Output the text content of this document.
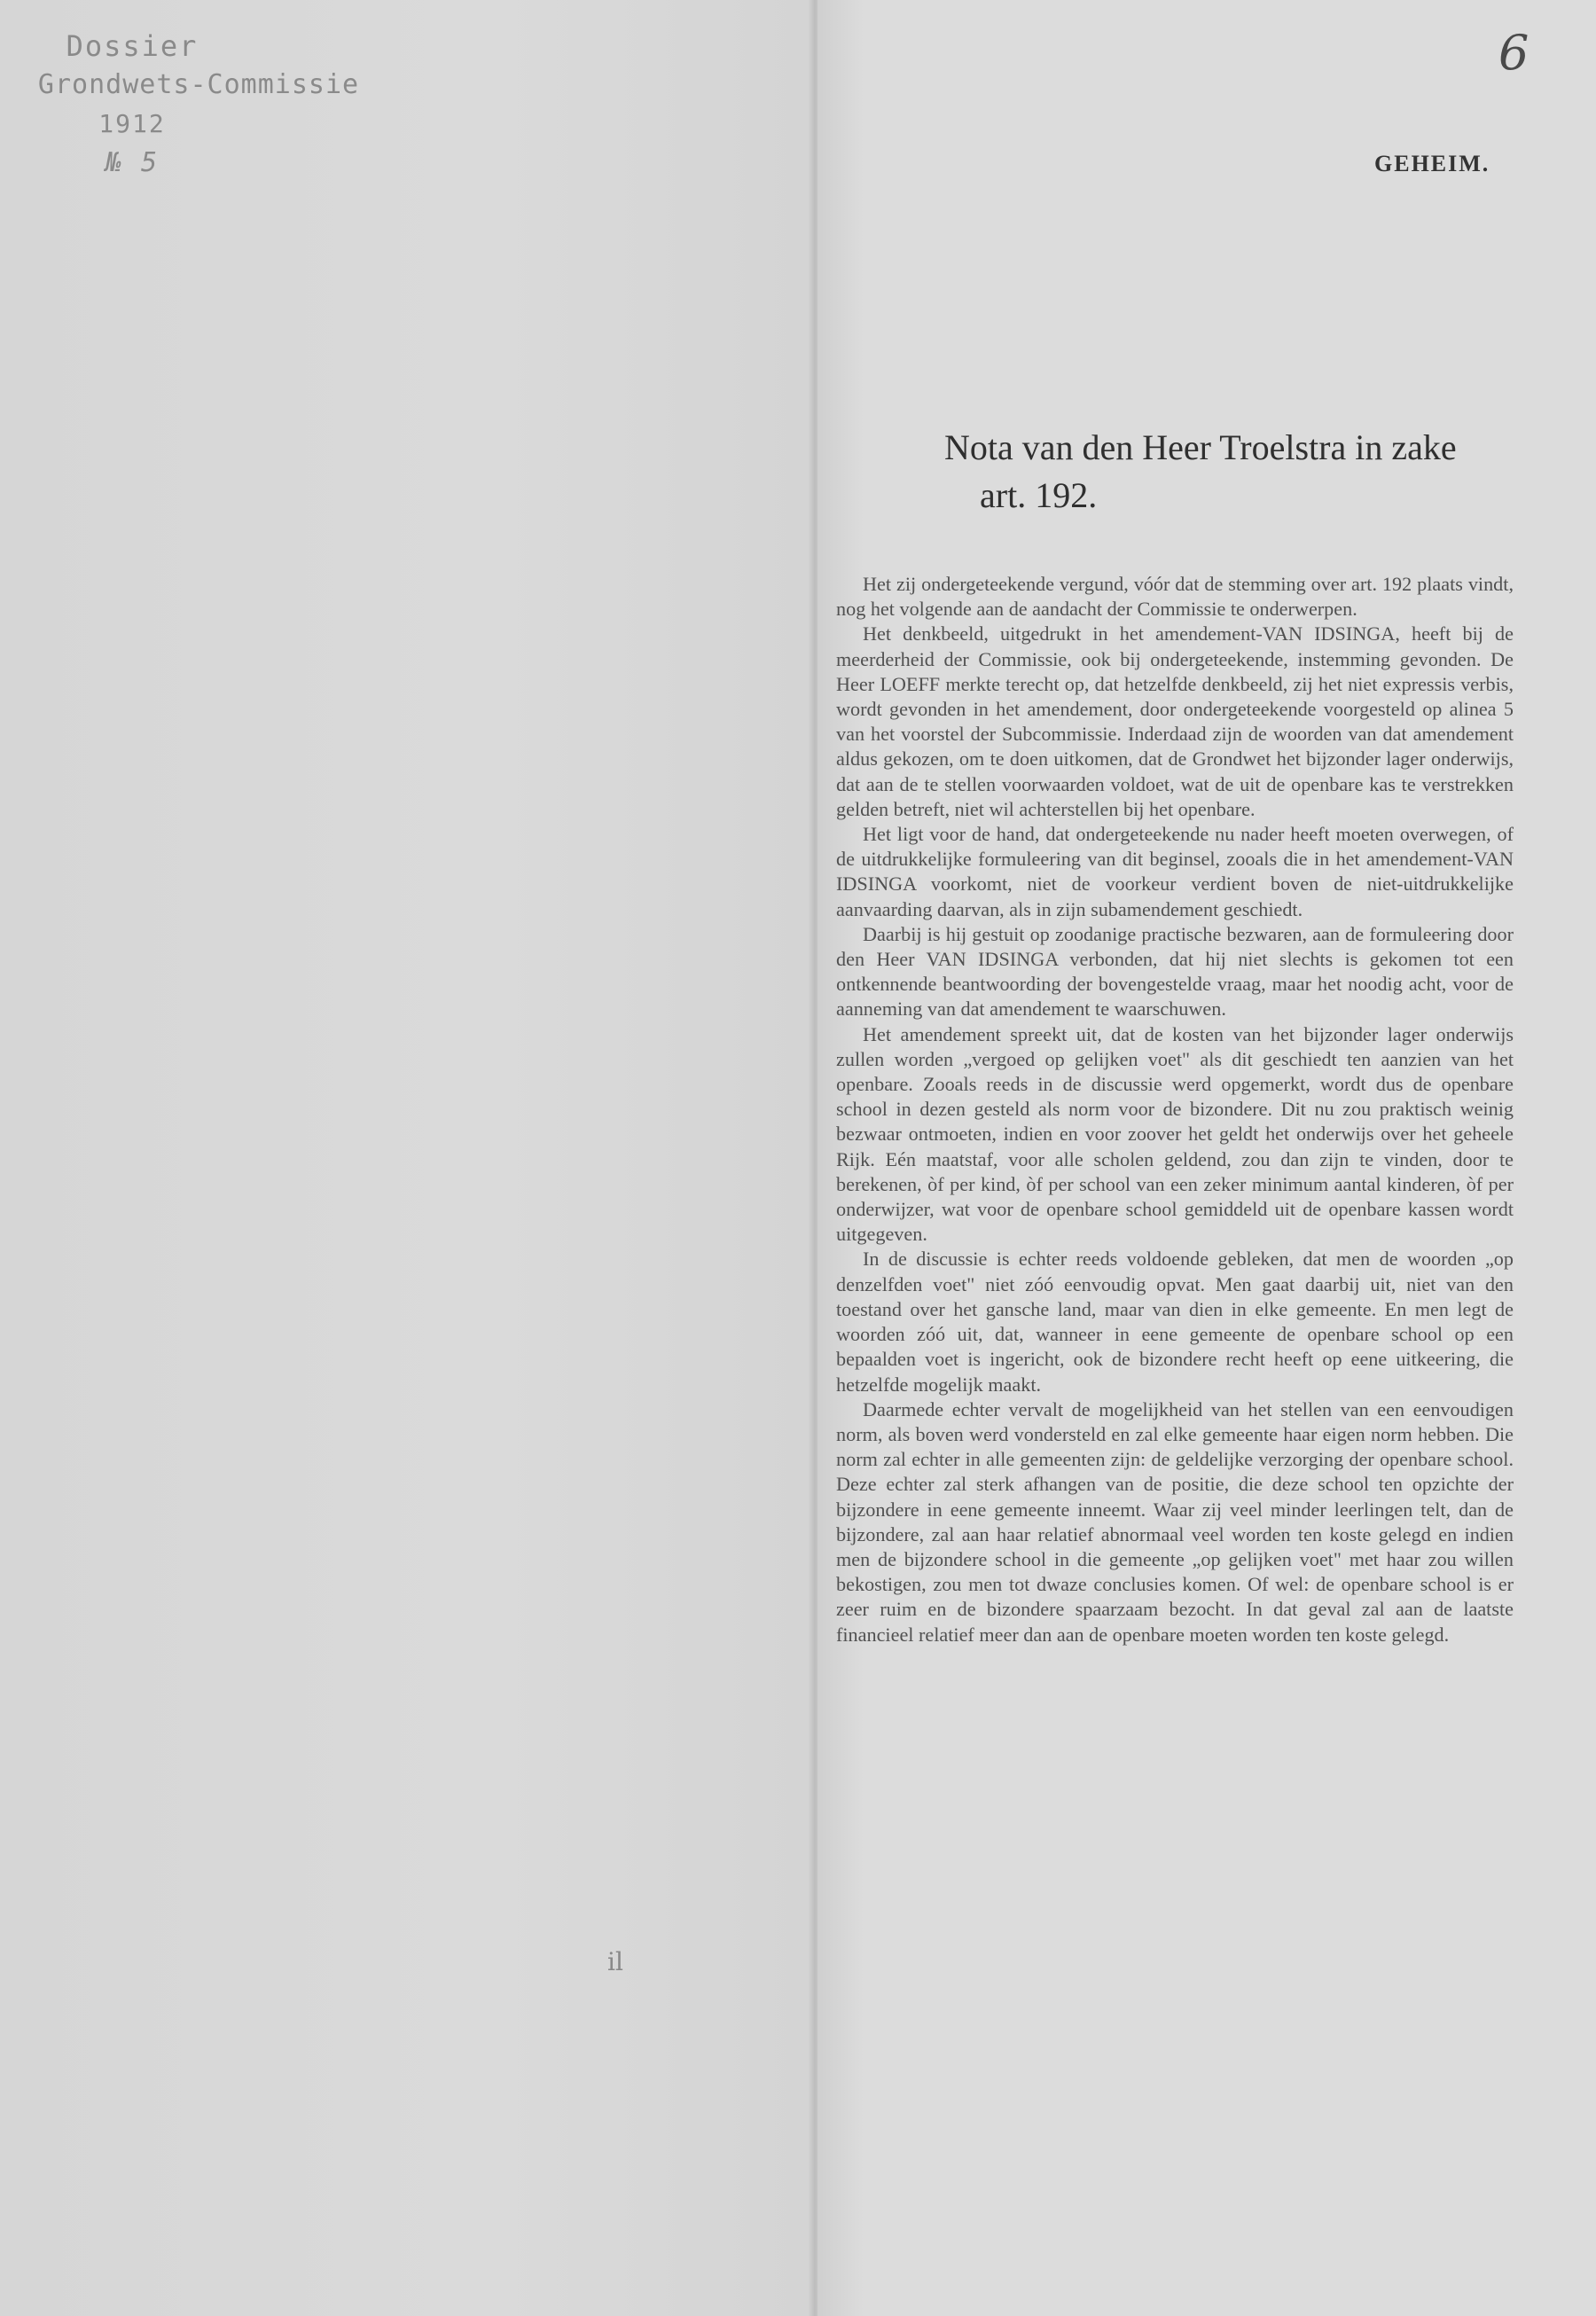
Dossier
Grondwets-Commissie
1912
№ 5
il
6
GEHEIM.
Nota van den Heer Troelstra in zake
art. 192.

Het zij ondergeteekende vergund, vóór dat de stemming over art. 192 plaats vindt, nog het volgende aan de aandacht der Commissie te onderwerpen.

Het denkbeeld, uitgedrukt in het amendement-VAN IDSINGA, heeft bij de meerderheid der Commissie, ook bij ondergeteekende, instemming gevonden. De Heer LOEFF merkte terecht op, dat hetzelfde denkbeeld, zij het niet expressis verbis, wordt gevonden in het amendement, door ondergeteekende voorgesteld op alinea 5 van het voorstel der Subcommissie. Inderdaad zijn de woorden van dat amendement aldus gekozen, om te doen uitkomen, dat de Grondwet het bijzonder lager onderwijs, dat aan de te stellen voorwaarden voldoet, wat de uit de openbare kas te verstrekken gelden betreft, niet wil achterstellen bij het openbare.

Het ligt voor de hand, dat ondergeteekende nu nader heeft moeten overwegen, of de uitdrukkelijke formuleering van dit beginsel, zooals die in het amendement-VAN IDSINGA voorkomt, niet de voorkeur verdient boven de niet-uitdrukkelijke aanvaarding daarvan, als in zijn subamendement geschiedt.

Daarbij is hij gestuit op zoodanige practische bezwaren, aan de formuleering door den Heer VAN IDSINGA verbonden, dat hij niet slechts is gekomen tot een ontkennende beantwoording der bovengestelde vraag, maar het noodig acht, voor de aanneming van dat amendement te waarschuwen.

Het amendement spreekt uit, dat de kosten van het bijzonder lager onderwijs zullen worden „vergoed op gelijken voet" als dit geschiedt ten aanzien van het openbare. Zooals reeds in de discussie werd opgemerkt, wordt dus de openbare school in dezen gesteld als norm voor de bizondere. Dit nu zou praktisch weinig bezwaar ontmoeten, indien en voor zoover het geldt het onderwijs over het geheele Rijk. Eén maatstaf, voor alle scholen geldend, zou dan zijn te vinden, door te berekenen, òf per kind, òf per school van een zeker minimum aantal kinderen, òf per onderwijzer, wat voor de openbare school gemiddeld uit de openbare kassen wordt uitgegeven.

In de discussie is echter reeds voldoende gebleken, dat men de woorden „op denzelfden voet" niet zóó eenvoudig opvat. Men gaat daarbij uit, niet van den toestand over het gansche land, maar van dien in elke gemeente. En men legt de woorden zóó uit, dat, wanneer in eene gemeente de openbare school op een bepaalden voet is ingericht, ook de bizondere recht heeft op eene uitkeering, die hetzelfde mogelijk maakt.

Daarmede echter vervalt de mogelijkheid van het stellen van een eenvoudigen norm, als boven werd vondersteld en zal elke gemeente haar eigen norm hebben. Die norm zal echter in alle gemeenten zijn: de geldelijke verzorging der openbare school. Deze echter zal sterk afhangen van de positie, die deze school ten opzichte der bijzondere in eene gemeente inneemt. Waar zij veel minder leerlingen telt, dan de bijzondere, zal aan haar relatief abnormaal veel worden ten koste gelegd en indien men de bijzondere school in die gemeente „op gelijken voet" met haar zou willen bekostigen, zou men tot dwaze conclusies komen. Of wel: de openbare school is er zeer ruim en de bizondere spaarzaam bezocht. In dat geval zal aan de laatste financieel relatief meer dan aan de openbare moeten worden ten koste gelegd.
